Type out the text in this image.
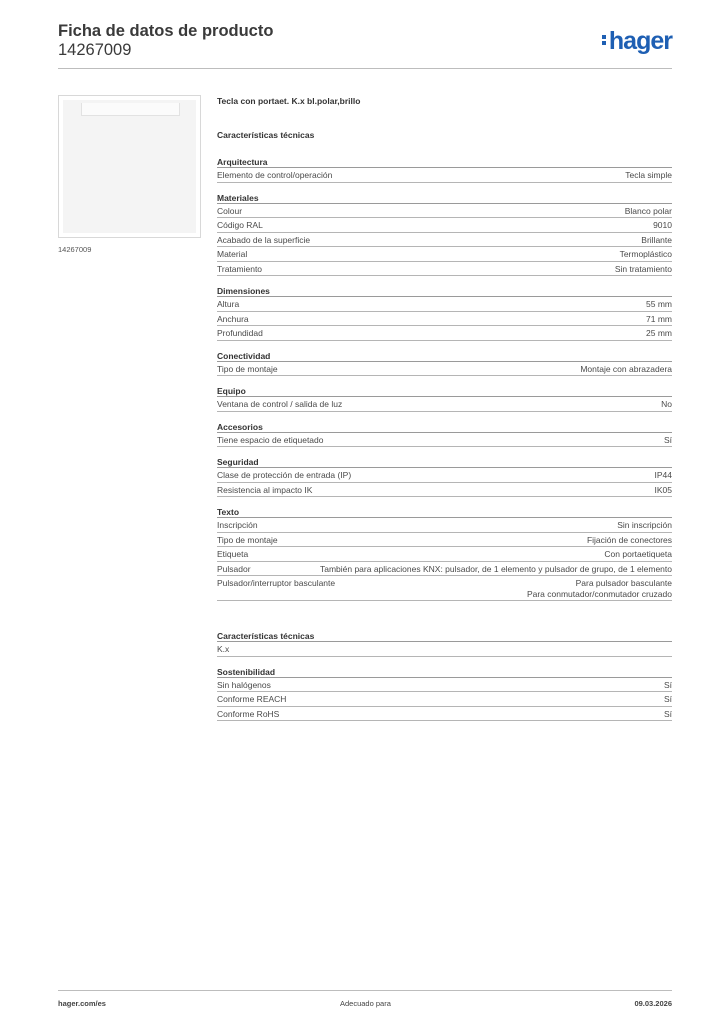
Ficha de datos de producto
14267009	hager
14267009
Tecla con portaet. K.x bl.polar,brillo
Características técnicas
Arquitectura
Elemento de control/operación	Tecla simple
Materiales
Colour	Blanco polar
Código RAL	9010
Acabado de la superficie	Brillante
Material	Termoplástico
Tratamiento	Sin tratamiento
Dimensiones
Altura	55 mm
Anchura	71 mm
Profundidad	25 mm
Conectividad
Tipo de montaje	Montaje con abrazadera
Equipo
Ventana de control / salida de luz	No
Accesorios
Tiene espacio de etiquetado	Sí
Seguridad
Clase de protección de entrada (IP)	IP44
Resistencia al impacto IK	IK05
Texto
Inscripción	Sin inscripción
Tipo de montaje	Fijación de conectores
Etiqueta	Con portaetiqueta
Pulsador	También para aplicaciones KNX: pulsador, de 1 elemento y pulsador de grupo, de 1 elemento
Pulsador/interruptor basculante	Para pulsador basculante
Para conmutador/conmutador cruzado
Características técnicas
K.x
Sostenibilidad
Sin halógenos	Sí
Conforme REACH	Sí
Conforme RoHS	Sí
hager.com/es	Adecuado para	09.03.2026
